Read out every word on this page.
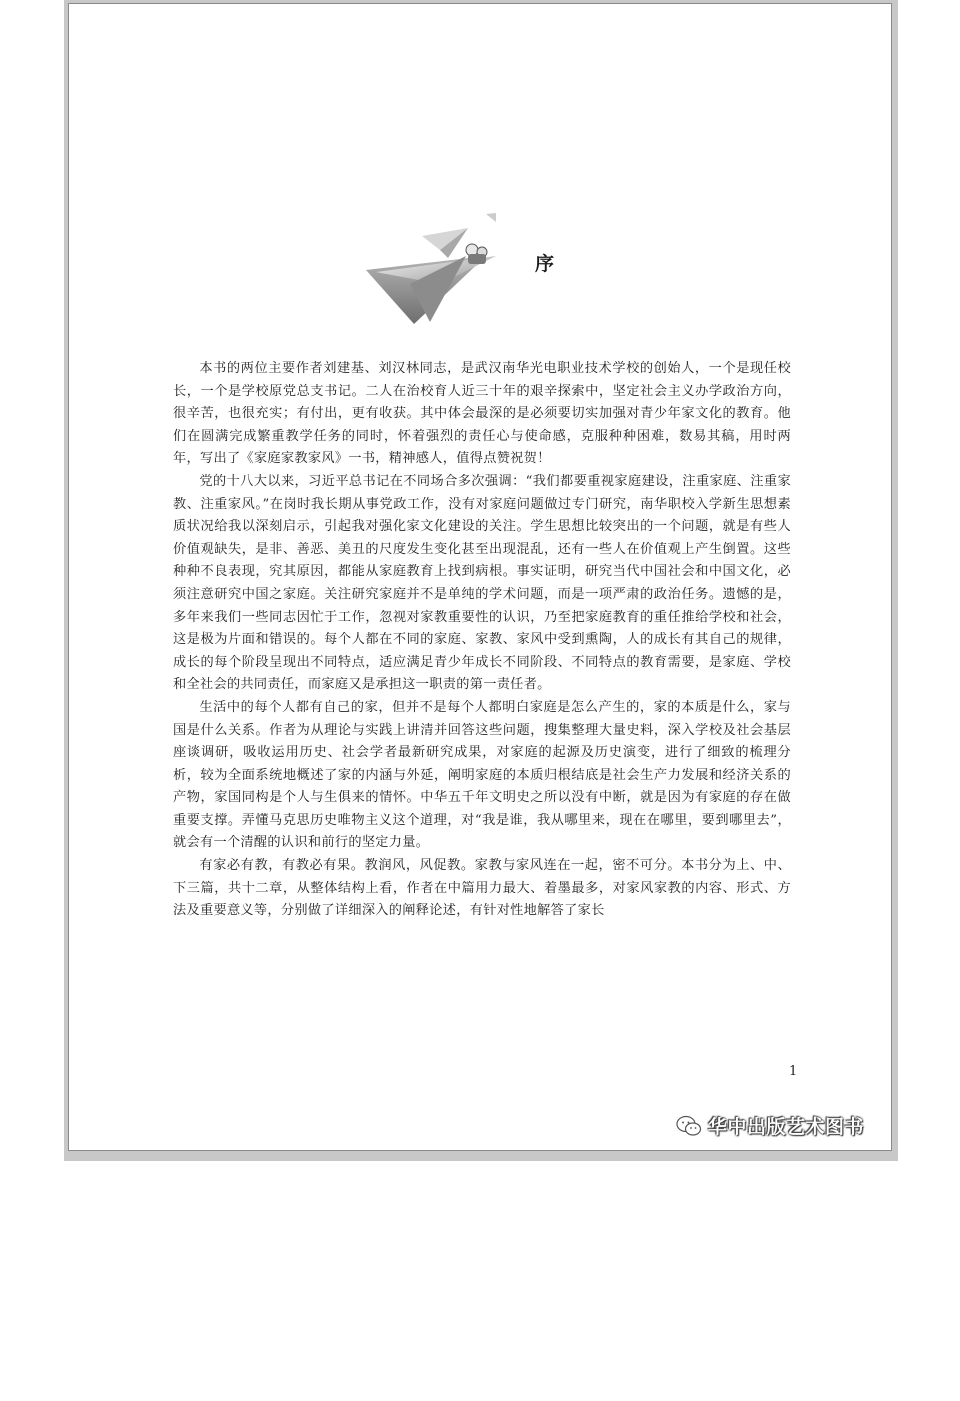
序

本书的两位主要作者刘建基、刘汉林同志，是武汉南华光电职业技术学校的创始人，一个是现任校长，一个是学校原党总支书记。二人在治校育人近三十年的艰辛探索中，坚定社会主义办学政治方向，很辛苦，也很充实；有付出，更有收获。其中体会最深的是必须要切实加强对青少年家文化的教育。他们在圆满完成繁重教学任务的同时，怀着强烈的责任心与使命感，克服种种困难，数易其稿，用时两年，写出了《家庭家教家风》一书，精神感人，值得点赞祝贺！

党的十八大以来，习近平总书记在不同场合多次强调：“我们都要重视家庭建设，注重家庭、注重家教、注重家风。”在岗时我长期从事党政工作，没有对家庭问题做过专门研究，南华职校入学新生思想素质状况给我以深刻启示，引起我对强化家文化建设的关注。学生思想比较突出的一个问题，就是有些人价值观缺失，是非、善恶、美丑的尺度发生变化甚至出现混乱，还有一些人在价值观上产生倒置。这些种种不良表现，究其原因，都能从家庭教育上找到病根。事实证明，研究当代中国社会和中国文化，必须注意研究中国之家庭。关注研究家庭并不是单纯的学术问题，而是一项严肃的政治任务。遗憾的是，多年来我们一些同志因忙于工作，忽视对家教重要性的认识，乃至把家庭教育的重任推给学校和社会，这是极为片面和错误的。每个人都在不同的家庭、家教、家风中受到熏陶，人的成长有其自己的规律，成长的每个阶段呈现出不同特点，适应满足青少年成长不同阶段、不同特点的教育需要，是家庭、学校和全社会的共同责任，而家庭又是承担这一职责的第一责任者。

生活中的每个人都有自己的家，但并不是每个人都明白家庭是怎么产生的，家的本质是什么，家与国是什么关系。作者为从理论与实践上讲清并回答这些问题，搜集整理大量史料，深入学校及社会基层座谈调研，吸收运用历史、社会学者最新研究成果，对家庭的起源及历史演变，进行了细致的梳理分析，较为全面系统地概述了家的内涵与外延，阐明家庭的本质归根结底是社会生产力发展和经济关系的产物，家国同构是个人与生俱来的情怀。中华五千年文明史之所以没有中断，就是因为有家庭的存在做重要支撑。弄懂马克思历史唯物主义这个道理，对“我是谁，我从哪里来，现在在哪里，要到哪里去”，就会有一个清醒的认识和前行的坚定力量。

有家必有教，有教必有果。教润风，风促教。家教与家风连在一起，密不可分。本书分为上、中、下三篇，共十二章，从整体结构上看，作者在中篇用力最大、着墨最多，对家风家教的内容、形式、方法及重要意义等，分别做了详细深入的阐释论述，有针对性地解答了家长

1
华中出版艺术图书
